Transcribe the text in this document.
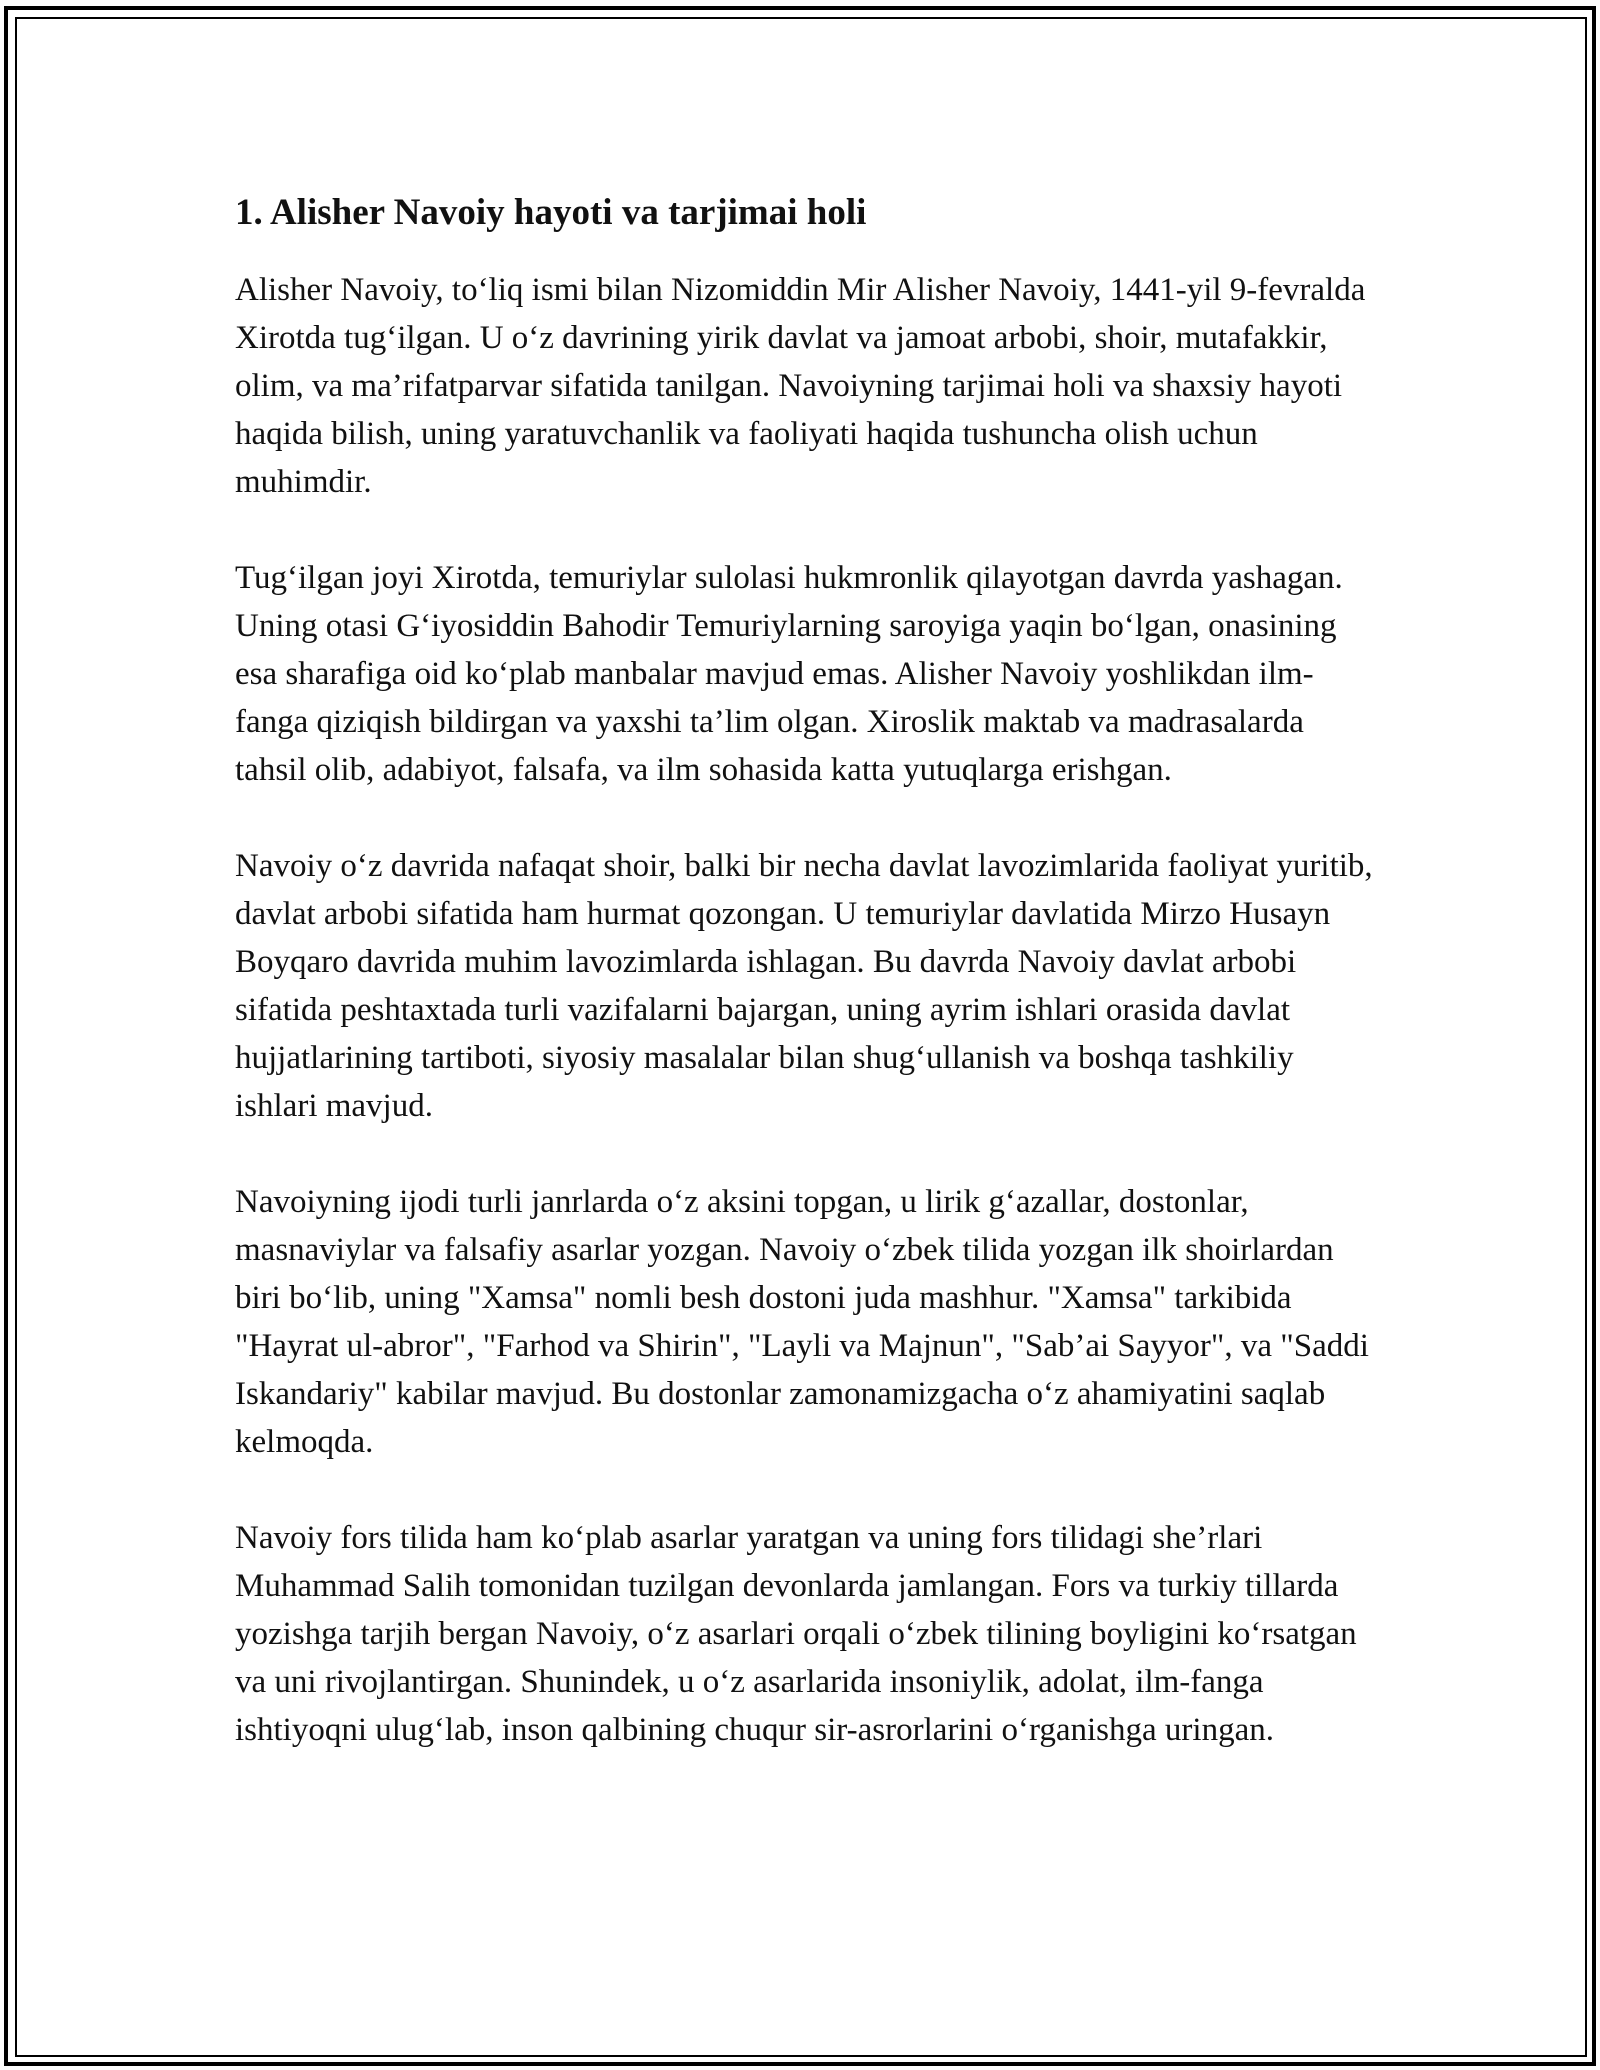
1. Alisher Navoiy hayoti va tarjimai holi

Alisher Navoiy, to‘liq ismi bilan Nizomiddin Mir Alisher Navoiy, 1441-yil 9-fevralda Xirotda tug‘ilgan. U o‘z davrining yirik davlat va jamoat arbobi, shoir, mutafakkir, olim, va ma’rifatparvar sifatida tanilgan. Navoiyning tarjimai holi va shaxsiy hayoti haqida bilish, uning yaratuvchanlik va faoliyati haqida tushuncha olish uchun muhimdir.

Tug‘ilgan joyi Xirotda, temuriylar sulolasi hukmronlik qilayotgan davrda yashagan. Uning otasi G‘iyosiddin Bahodir Temuriylarning saroyiga yaqin bo‘lgan, onasining esa sharafiga oid ko‘plab manbalar mavjud emas. Alisher Navoiy yoshlikdan ilm-fanga qiziqish bildirgan va yaxshi ta’lim olgan. Xiroslik maktab va madrasalarda tahsil olib, adabiyot, falsafa, va ilm sohasida katta yutuqlarga erishgan.

Navoiy o‘z davrida nafaqat shoir, balki bir necha davlat lavozimlarida faoliyat yuritib, davlat arbobi sifatida ham hurmat qozongan. U temuriylar davlatida Mirzo Husayn Boyqaro davrida muhim lavozimlarda ishlagan. Bu davrda Navoiy davlat arbobi sifatida peshtaxtada turli vazifalarni bajargan, uning ayrim ishlari orasida davlat hujjatlarining tartiboti, siyosiy masalalar bilan shug‘ullanish va boshqa tashkiliy ishlari mavjud.

Navoiyning ijodi turli janrlarda o‘z aksini topgan, u lirik g‘azallar, dostonlar, masnaviylar va falsafiy asarlar yozgan. Navoiy o‘zbek tilida yozgan ilk shoirlardan biri bo‘lib, uning "Xamsa" nomli besh dostoni juda mashhur. "Xamsa" tarkibida "Hayrat ul-abror", "Farhod va Shirin", "Layli va Majnun", "Sab’ai Sayyor", va "Saddi Iskandariy" kabilar mavjud. Bu dostonlar zamonamizgacha o‘z ahamiyatini saqlab kelmoqda.

Navoiy fors tilida ham ko‘plab asarlar yaratgan va uning fors tilidagi she’rlari Muhammad Salih tomonidan tuzilgan devonlarda jamlangan. Fors va turkiy tillarda yozishga tarjih bergan Navoiy, o‘z asarlari orqali o‘zbek tilining boyligini ko‘rsatgan va uni rivojlantirgan. Shunindek, u o‘z asarlarida insoniylik, adolat, ilm-fanga ishtiyoqni ulug‘lab, inson qalbining chuqur sir-asrorlarini o‘rganishga uringan.
